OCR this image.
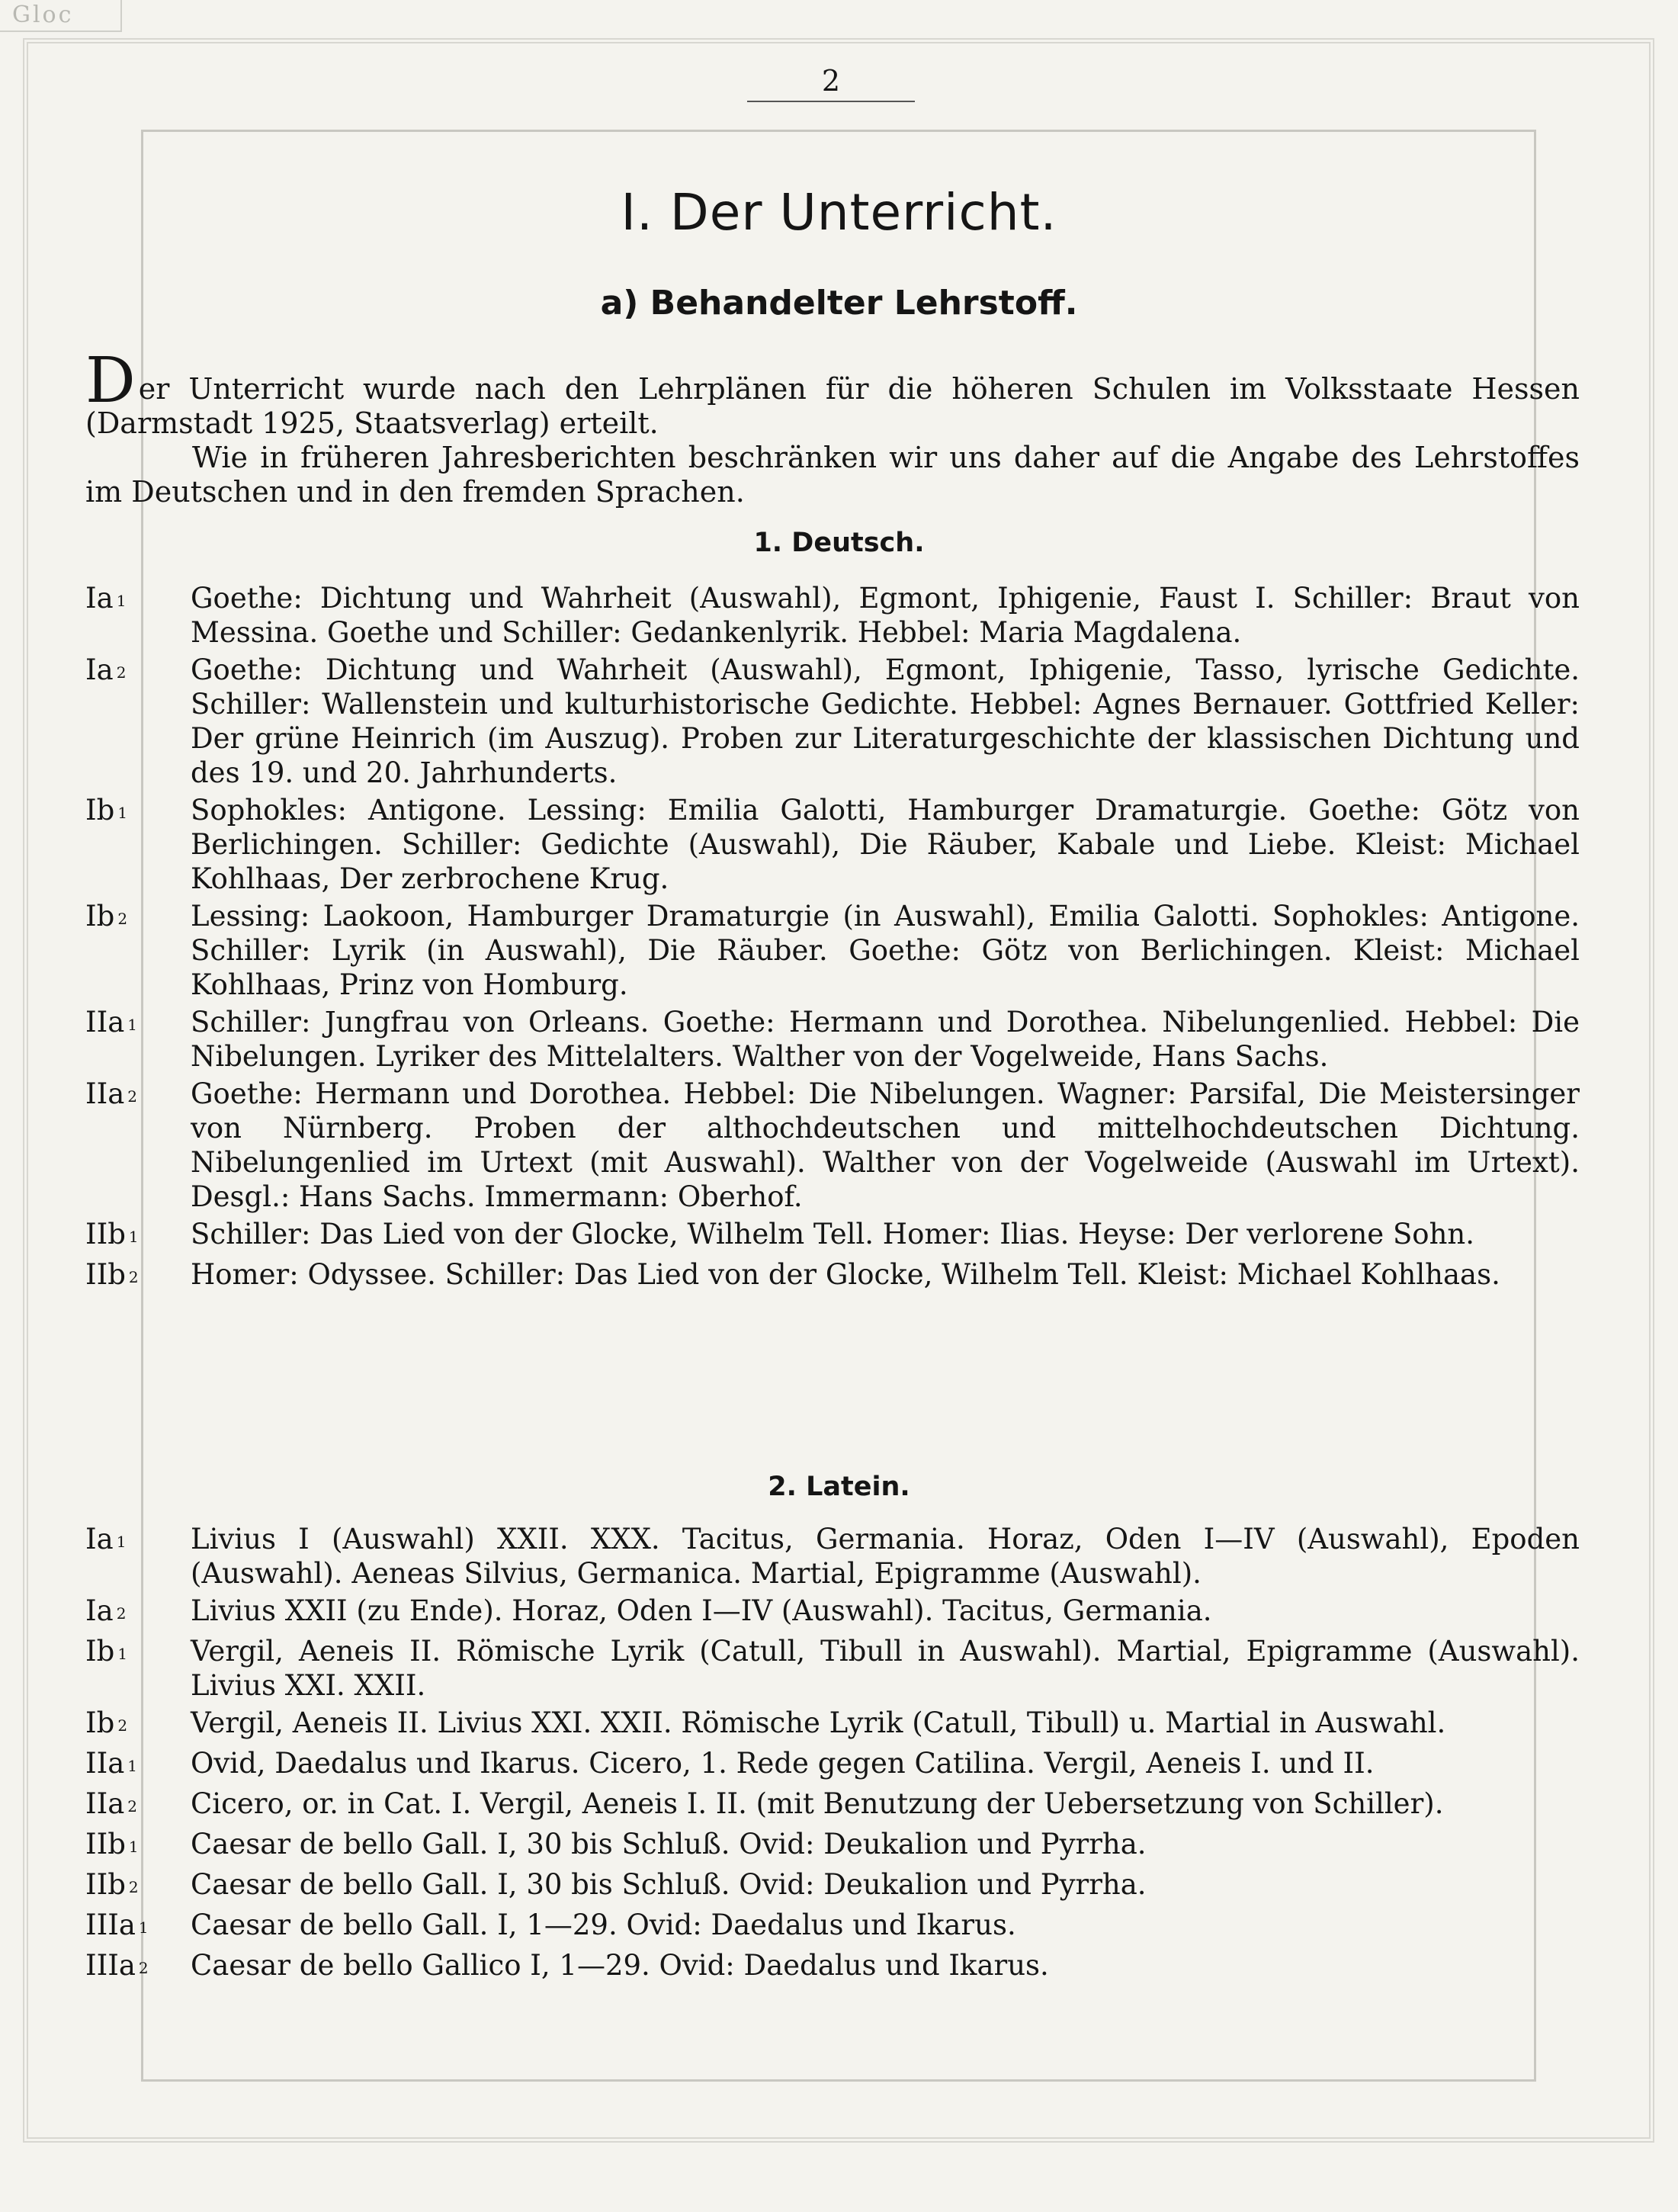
Gloc
2
I. Der Unterricht.
a) Behandelter Lehrstoff.

Der Unterricht wurde nach den Lehrplänen für die höheren Schulen im Volksstaate Hessen (Darmstadt 1925, Staatsverlag) erteilt.

Wie in früheren Jahresberichten beschränken wir uns daher auf die Angabe des Lehrstoffes im Deutschen und in den fremden Sprachen.

1. Deutsch.
Ia 1	Goethe: Dichtung und Wahrheit (Auswahl), Egmont, Iphigenie, Faust I. Schiller: Braut von Messina. Goethe und Schiller: Gedankenlyrik. Hebbel: Maria Magdalena.
Ia 2	Goethe: Dichtung und Wahrheit (Auswahl), Egmont, Iphigenie, Tasso, lyrische Gedichte. Schiller: Wallenstein und kulturhistorische Gedichte. Hebbel: Agnes Bernauer. Gottfried Keller: Der grüne Heinrich (im Auszug). Proben zur Literaturgeschichte der klassischen Dichtung und des 19. und 20. Jahrhunderts.
Ib 1	Sophokles: Antigone. Lessing: Emilia Galotti, Hamburger Dramaturgie. Goethe: Götz von Berlichingen. Schiller: Gedichte (Auswahl), Die Räuber, Kabale und Liebe. Kleist: Michael Kohlhaas, Der zerbrochene Krug.
Ib 2	Lessing: Laokoon, Hamburger Dramaturgie (in Auswahl), Emilia Galotti. Sophokles: Antigone. Schiller: Lyrik (in Auswahl), Die Räuber. Goethe: Götz von Berlichingen. Kleist: Michael Kohlhaas, Prinz von Homburg.
IIa 1	Schiller: Jungfrau von Orleans. Goethe: Hermann und Dorothea. Nibelungenlied. Hebbel: Die Nibelungen. Lyriker des Mittelalters. Walther von der Vogelweide, Hans Sachs.
IIa 2	Goethe: Hermann und Dorothea. Hebbel: Die Nibelungen. Wagner: Parsifal, Die Meistersinger von Nürnberg. Proben der althochdeutschen und mittelhochdeutschen Dichtung. Nibelungenlied im Urtext (mit Auswahl). Walther von der Vogelweide (Auswahl im Urtext). Desgl.: Hans Sachs. Immermann: Oberhof.
IIb 1	Schiller: Das Lied von der Glocke, Wilhelm Tell. Homer: Ilias. Heyse: Der verlorene Sohn.
IIb 2	Homer: Odyssee. Schiller: Das Lied von der Glocke, Wilhelm Tell. Kleist: Michael Kohlhaas.
2. Latein.
Ia 1	Livius I (Auswahl) XXII. XXX. Tacitus, Germania. Horaz, Oden I—IV (Auswahl), Epoden (Auswahl). Aeneas Silvius, Germanica. Martial, Epigramme (Auswahl).
Ia 2	Livius XXII (zu Ende). Horaz, Oden I—IV (Auswahl). Tacitus, Germania.
Ib 1	Vergil, Aeneis II. Römische Lyrik (Catull, Tibull in Auswahl). Martial, Epigramme (Auswahl). Livius XXI. XXII.
Ib 2	Vergil, Aeneis II. Livius XXI. XXII. Römische Lyrik (Catull, Tibull) u. Martial in Auswahl.
IIa 1	Ovid, Daedalus und Ikarus. Cicero, 1. Rede gegen Catilina. Vergil, Aeneis I. und II.
IIa 2	Cicero, or. in Cat. I. Vergil, Aeneis I. II. (mit Benutzung der Uebersetzung von Schiller).
IIb 1	Caesar de bello Gall. I, 30 bis Schluß. Ovid: Deukalion und Pyrrha.
IIb 2	Caesar de bello Gall. I, 30 bis Schluß. Ovid: Deukalion und Pyrrha.
IIIa 1	Caesar de bello Gall. I, 1—29. Ovid: Daedalus und Ikarus.
IIIa 2	Caesar de bello Gallico I, 1—29. Ovid: Daedalus und Ikarus.
